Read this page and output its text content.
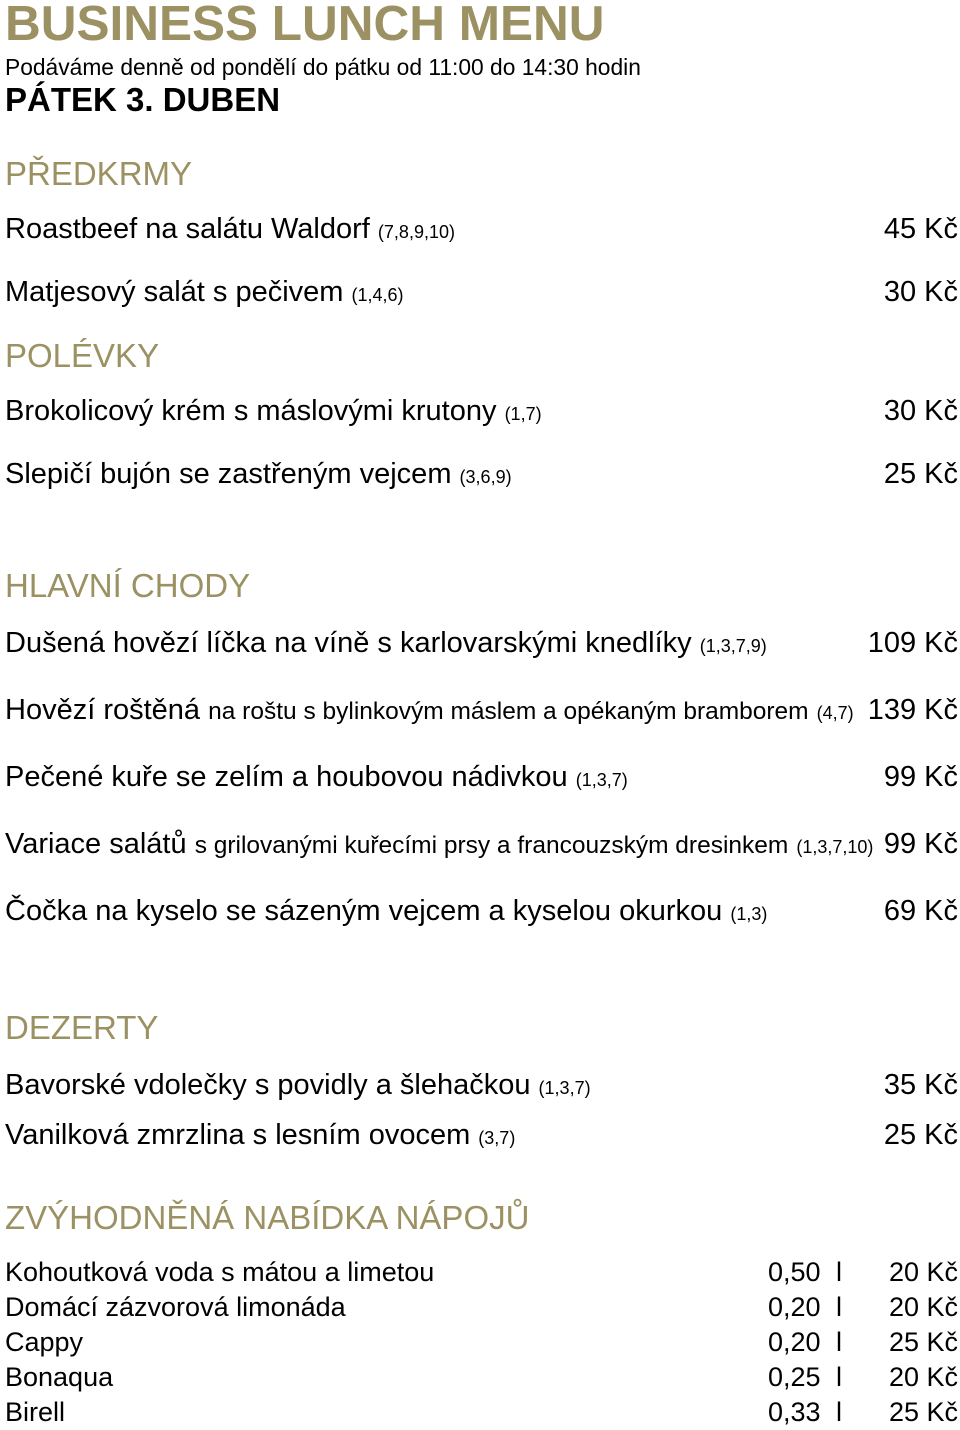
BUSINESS LUNCH MENU

Podáváme denně od pondělí do pátku od 11:00 do 14:30 hodin

PÁTEK 3. DUBEN

PŘEDKRMY
Roastbeef na salátu Waldorf (7,8,9,10)	45 Kč
Matjesový salát s pečivem (1,4,6)	30 Kč
POLÉVKY
Brokolicový krém s máslovými krutony (1,7)	30 Kč
Slepičí bujón se zastřeným vejcem (3,6,9)	25 Kč
HLAVNÍ CHODY
Dušená hovězí líčka na víně s karlovarskými knedlíky (1,3,7,9)	109 Kč
Hovězí roštěná na roštu s bylinkovým máslem a opékaným bramborem (4,7) 139 Kč
Pečené kuře se zelím a houbovou nádivkou (1,3,7)	99 Kč
Variace salátů s grilovanými kuřecími prsy a francouzským dresinkem (1,3,7,10) 99 Kč
Čočka na kyselo se sázeným vejcem a kyselou okurkou (1,3)	69 Kč
DEZERTY
Bavorské vdolečky s povidly a šlehačkou (1,3,7)	35 Kč
Vanilková zmrzlina s lesním ovocem (3,7)	25 Kč
ZVÝHODNĚNÁ NABÍDKA NÁPOJŮ
Kohoutková voda s mátou a limetou	0,50 l	20 Kč
Domácí zázvorová limonáda	0,20 l	20 Kč
Cappy	0,20 l	25 Kč
Bonaqua	0,25 l	20 Kč
Birell	0,33 l	25 Kč
